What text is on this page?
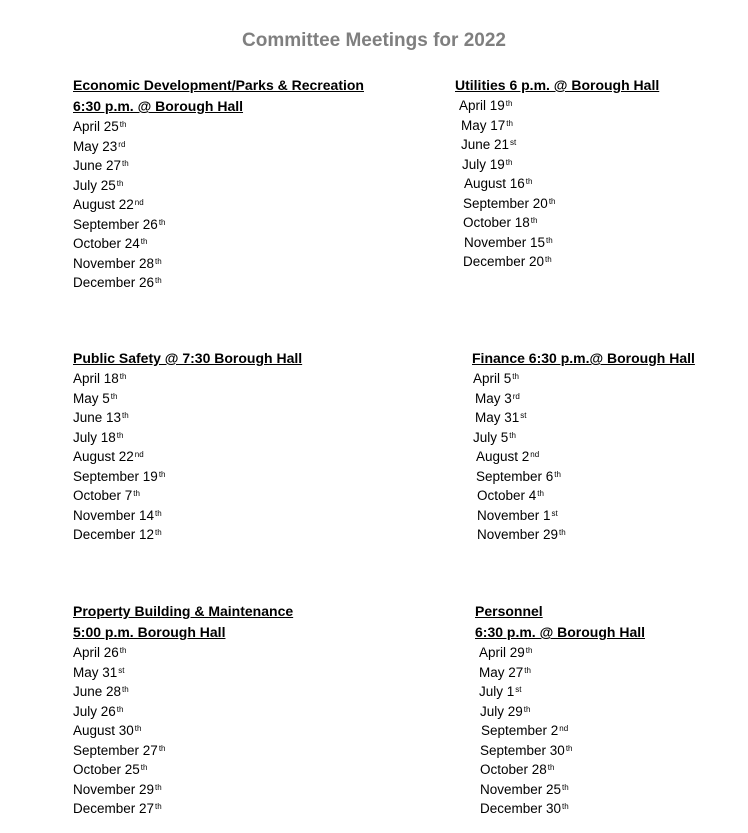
Committee Meetings for 2022
Economic Development/Parks & Recreation
6:30 p.m. @ Borough Hall
April 25th
May 23rd
June 27th
July 25th
August 22nd
September 26th
October 24th
November 28th
December 26th
Utilities 6 p.m. @ Borough Hall
April 19th
May 17th
June 21st
July 19th
August 16th
September 20th
October 18th
November 15th
December 20th
Public Safety @ 7:30 Borough Hall
April 18th
May 5th
June 13th
July 18th
August 22nd
September 19th
October 7th
November 14th
December 12th
Finance 6:30 p.m.@ Borough Hall
April 5th
May 3rd
May 31st
July 5th
August 2nd
September 6th
October 4th
November 1st
November 29th
Property Building & Maintenance
5:00 p.m. Borough Hall
April 26th
May 31st
June 28th
July 26th
August 30th
September 27th
October 25th
November 29th
December 27th
Personnel
6:30 p.m. @ Borough Hall
April 29th
May 27th
July 1st
July 29th
September 2nd
September 30th
October 28th
November 25th
December 30th
